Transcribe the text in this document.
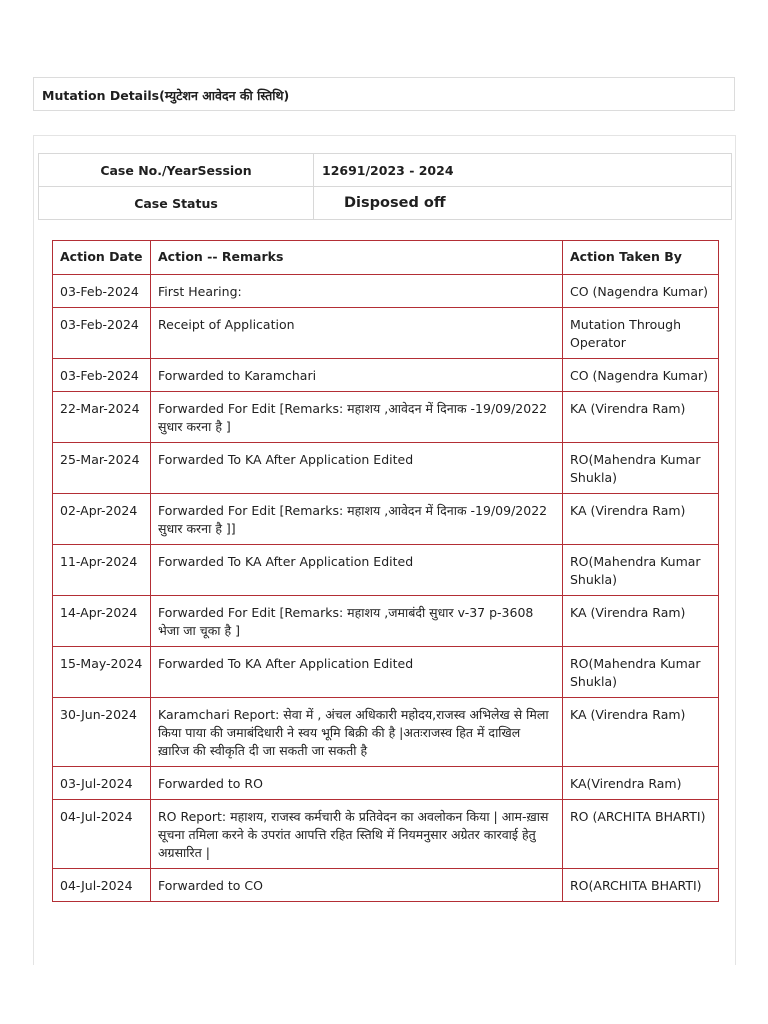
Mutation Details(म्युटेशन आवेदन की स्तिथि)
Case No./YearSession	12691/2023 - 2024
Case Status	Disposed off
Action Date	Action -- Remarks	Action Taken By
03-Feb-2024	First Hearing:	CO (Nagendra Kumar)
03-Feb-2024	Receipt of Application	Mutation Through Operator
03-Feb-2024	Forwarded to Karamchari	CO (Nagendra Kumar)
22-Mar-2024	Forwarded For Edit [Remarks: महाशय ,आवेदन में दिनाक -19/09/2022 सुधार करना है ]	KA (Virendra Ram)
25-Mar-2024	Forwarded To KA After Application Edited	RO(Mahendra Kumar Shukla)
02-Apr-2024	Forwarded For Edit [Remarks: महाशय ,आवेदन में दिनाक -19/09/2022 सुधार करना है ]]	KA (Virendra Ram)
11-Apr-2024	Forwarded To KA After Application Edited	RO(Mahendra Kumar Shukla)
14-Apr-2024	Forwarded For Edit [Remarks: महाशय ,जमाबंदी सुधार v-37 p-3608 भेजा जा चूका है ]	KA (Virendra Ram)
15-May-2024	Forwarded To KA After Application Edited	RO(Mahendra Kumar Shukla)
30-Jun-2024	Karamchari Report: सेवा में , अंचल अधिकारी महोदय,राजस्व अभिलेख से मिला किया पाया की जमाबंदिधारी ने स्वय भूमि बिक्री की है |अतःराजस्व हित में दाखिल ख़ारिज की स्वीकृति दी जा सकती जा सकती है	KA (Virendra Ram)
03-Jul-2024	Forwarded to RO	KA(Virendra Ram)
04-Jul-2024	RO Report: महाशय, राजस्व कर्मचारी के प्रतिवेदन का अवलोकन किया | आम-ख़ास सूचना तमिला करने के उपरांत आपत्ति रहित स्तिथि में नियमनुसार अग्रेतर कारवाई हेतु अग्रसारित |	RO (ARCHITA BHARTI)
04-Jul-2024	Forwarded to CO	RO(ARCHITA BHARTI)
